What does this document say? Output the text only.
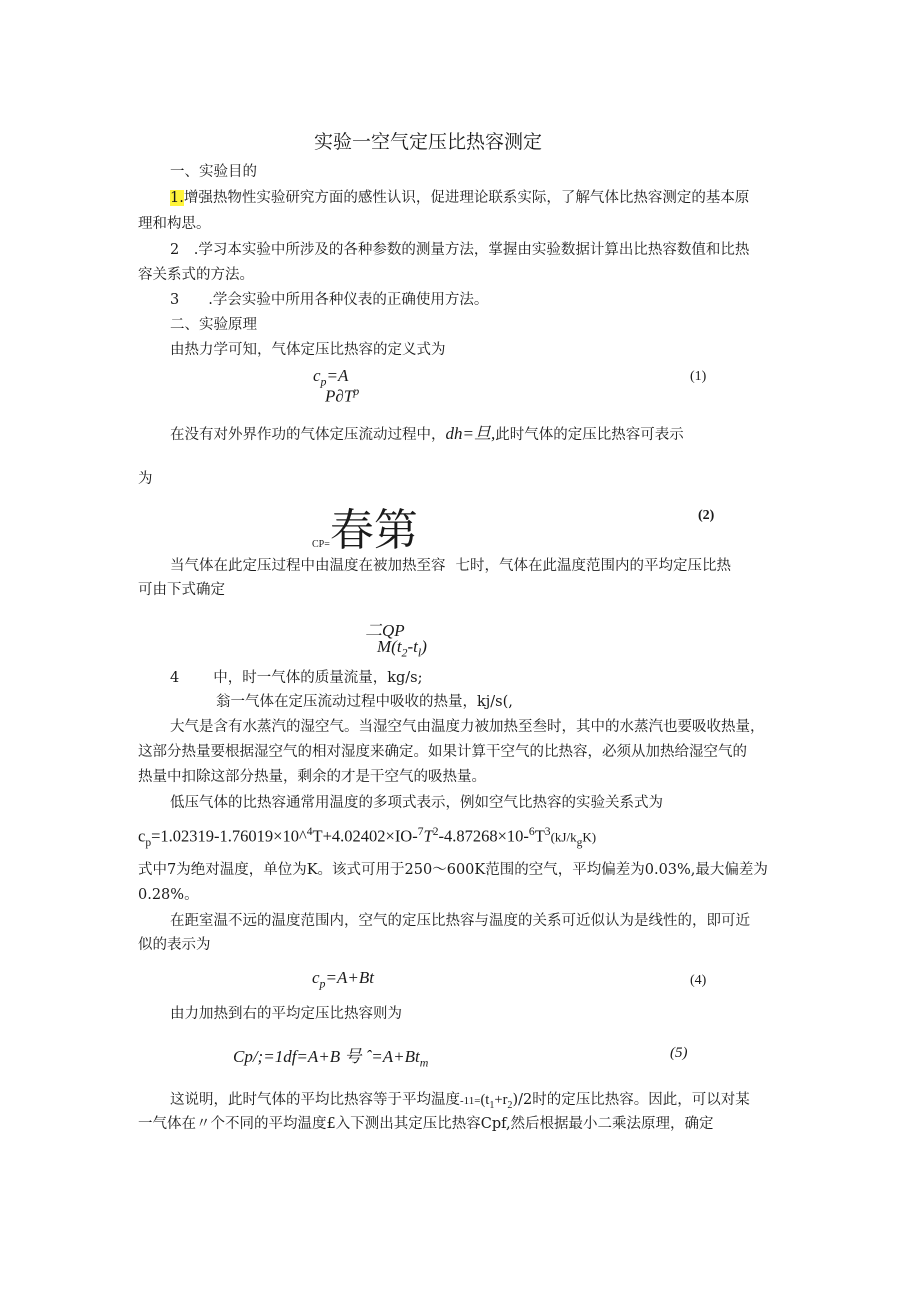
实验一空气定压比热容测定
一、实验目的
1.增强热物性实验研究方面的感性认识，促进理论联系实际，了解气体比热容测定的基本原
理和构思。
2　.学习本实验中所涉及的各种参数的测量方法，掌握由实验数据计算出比热容数值和比热
容关系式的方法。
3　　.学会实验中所用各种仪表的正确使用方法。
二、实验原理
由热力学可知，气体定压比热容的定义式为
$c_p=A$
$P\partial T^p$
(1)
在没有对外界作功的气体定压流动过程中，dh=旦,此时气体的定压比热容可表示
为
CP=春第	(2)
当气体在此定压过程中由温度在被加热至容 七时，气体在此温度范围内的平均定压比热
可由下式确定
二QP
$M(t_2-t_l)$
4 中，时一气体的质量流量，kg/s;
翁一气体在定压流动过程中吸收的热量，kj/s(,
大气是含有水蒸汽的湿空气。当湿空气由温度力被加热至叁时，其中的水蒸汽也要吸收热量，
这部分热量要根据湿空气的相对湿度来确定。如果计算干空气的比热容，必须从加热给湿空气的
热量中扣除这部分热量，剩余的才是干空气的吸热量。
低压气体的比热容通常用温度的多项式表示，例如空气比热容的实验关系式为
$c_p=1.02319-1.76019\times 10\^{}^4T+4.02402\times IO-^7T^2-4.87268\times 10-^6T^3(kJ/k_gK)$
式中7为绝对温度，单位为K。该式可用于250～600K范围的空气，平均偏差为0.03%,最大偏差为
0.28%。
在距室温不远的温度范围内，空气的定压比热容与温度的关系可近似认为是线性的，即可近
似的表示为
$c_p=A+Bt$	(4)
由力加热到右的平均定压比热容则为
Cp/;=1df=A+B 号 $ˆ=A+Bt_m$
(5)
这说明，此时气体的平均比热容等于平均温度$-11=(t_1+r_2)/2$时的定压比热容。因此，可以对某
一气体在〃个不同的平均温度£入下测出其定压比热容Cpf,然后根据最小二乘法原理，确定
